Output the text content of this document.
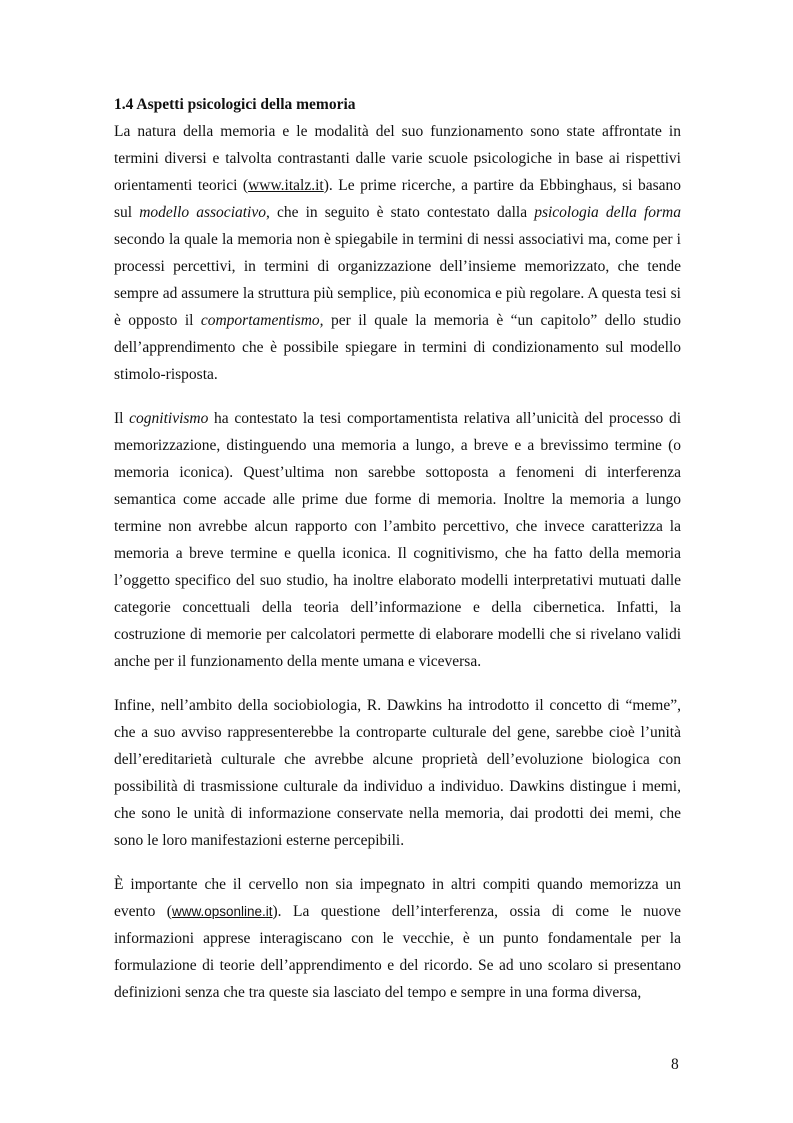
1.4 Aspetti psicologici della memoria

La natura della memoria e le modalità del suo funzionamento sono state affrontate in termini diversi e talvolta contrastanti dalle varie scuole psicologiche in base ai rispettivi orientamenti teorici (www.italz.it). Le prime ricerche, a partire da Ebbinghaus, si basano sul modello associativo, che in seguito è stato contestato dalla psicologia della forma secondo la quale la memoria non è spiegabile in termini di nessi associativi ma, come per i processi percettivi, in termini di organizzazione dell’insieme memorizzato, che tende sempre ad assumere la struttura più semplice, più economica e più regolare. A questa tesi si è opposto il comportamentismo, per il quale la memoria è “un capitolo” dello studio dell’apprendimento che è possibile spiegare in termini di condizionamento sul modello stimolo-risposta.

Il cognitivismo ha contestato la tesi comportamentista relativa all’unicità del processo di memorizzazione, distinguendo una memoria a lungo, a breve e a brevissimo termine (o memoria iconica). Quest’ultima non sarebbe sottoposta a fenomeni di interferenza semantica come accade alle prime due forme di memoria. Inoltre la memoria a lungo termine non avrebbe alcun rapporto con l’ambito percettivo, che invece caratterizza la memoria a breve termine e quella iconica. Il cognitivismo, che ha fatto della memoria l’oggetto specifico del suo studio, ha inoltre elaborato modelli interpretativi mutuati dalle categorie concettuali della teoria dell’informazione e della cibernetica. Infatti, la costruzione di memorie per calcolatori permette di elaborare modelli che si rivelano validi anche per il funzionamento della mente umana e viceversa.

Infine, nell’ambito della sociobiologia, R. Dawkins ha introdotto il concetto di “meme”, che a suo avviso rappresenterebbe la controparte culturale del gene, sarebbe cioè l’unità dell’ereditarietà culturale che avrebbe alcune proprietà dell’evoluzione biologica con possibilità di trasmissione culturale da individuo a individuo. Dawkins distingue i memi, che sono le unità di informazione conservate nella memoria, dai prodotti dei memi, che sono le loro manifestazioni esterne percepibili.

È importante che il cervello non sia impegnato in altri compiti quando memorizza un evento (www.opsonline.it). La questione dell’interferenza, ossia di come le nuove informazioni apprese interagiscano con le vecchie, è un punto fondamentale per la formulazione di teorie dell’apprendimento e del ricordo. Se ad uno scolaro si presentano definizioni senza che tra queste sia lasciato del tempo e sempre in una forma diversa,

8
